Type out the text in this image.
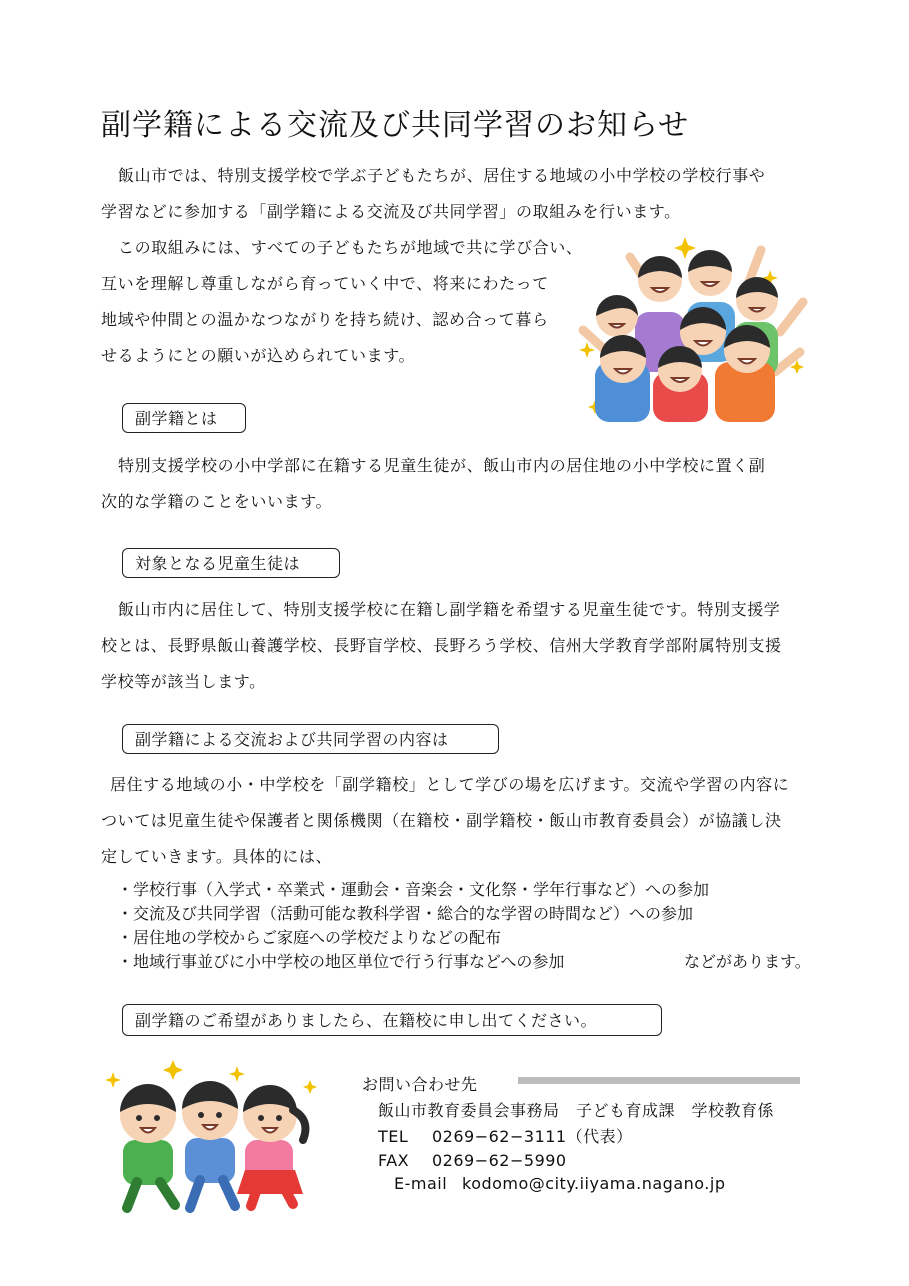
副学籍による交流及び共同学習のお知らせ

飯山市では、特別支援学校で学ぶ子どもたちが、居住する地域の小中学校の学校行事や

学習などに参加する「副学籍による交流及び共同学習」の取組みを行います。

この取組みには、すべての子どもたちが地域で共に学び合い、

互いを理解し尊重しながら育っていく中で、将来にわたって

地域や仲間との温かなつながりを持ち続け、認め合って暮ら

せるようにとの願いが込められています。

副学籍とは

特別支援学校の小中学部に在籍する児童生徒が、飯山市内の居住地の小中学校に置く副

次的な学籍のことをいいます。

対象となる児童生徒は

飯山市内に居住して、特別支援学校に在籍し副学籍を希望する児童生徒です。特別支援学

校とは、長野県飯山養護学校、長野盲学校、長野ろう学校、信州大学教育学部附属特別支援

学校等が該当します。

副学籍による交流および共同学習の内容は

居住する地域の小・中学校を「副学籍校」として学びの場を広げます。交流や学習の内容に

ついては児童生徒や保護者と関係機関（在籍校・副学籍校・飯山市教育委員会）が協議し決

定していきます。具体的には、

・学校行事（入学式・卒業式・運動会・音楽会・文化祭・学年行事など）への参加
・交流及び共同学習（活動可能な教科学習・総合的な学習の時間など）への参加
・居住地の学校からご家庭への学校だよりなどの配布
・地域行事並びに小中学校の地区単位で行う行事などへの参加	などがあります。
副学籍のご希望がありましたら、在籍校に申し出てください。
お問い合わせ先
飯山市教育委員会事務局　子ども育成課　学校教育係
TEL 0269−62−3111（代表）
FAX 0269−62−5990
E-mail kodomo@city.iiyama.nagano.jp
